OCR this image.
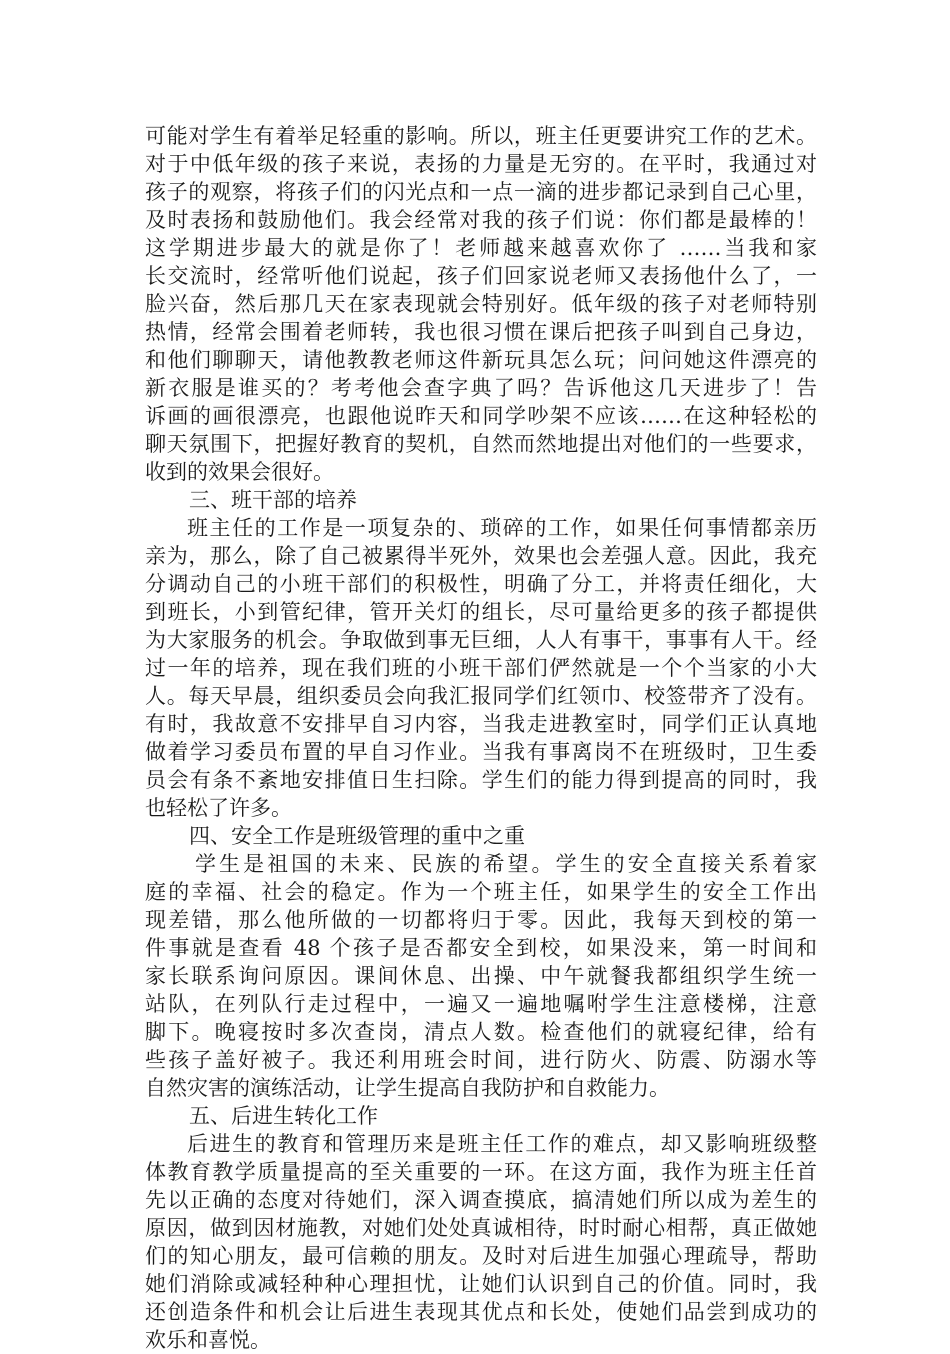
可能对学生有着举足轻重的影响。所以，班主任更要讲究工作的艺术。
对于中低年级的孩子来说，表扬的力量是无穷的。在平时，我通过对
孩子的观察，将孩子们的闪光点和一点一滴的进步都记录到自己心里，
及时表扬和鼓励他们。我会经常对我的孩子们说：你们都是最棒的！
这学期进步最大的就是你了！老师越来越喜欢你了 ……当我和家
长交流时，经常听他们说起，孩子们回家说老师又表扬他什么了，一
脸兴奋，然后那几天在家表现就会特别好。低年级的孩子对老师特别
热情，经常会围着老师转，我也很习惯在课后把孩子叫到自己身边，
和他们聊聊天，请他教教老师这件新玩具怎么玩；问问她这件漂亮的
新衣服是谁买的？考考他会查字典了吗？告诉他这几天进步了！告
诉画的画很漂亮，也跟他说昨天和同学吵架不应该……在这种轻松的
聊天氛围下，把握好教育的契机，自然而然地提出对他们的一些要求，
收到的效果会很好。
三、班干部的培养
班主任的工作是一项复杂的、琐碎的工作，如果任何事情都亲历
亲为，那么，除了自己被累得半死外，效果也会差强人意。因此，我充
分调动自己的小班干部们的积极性，明确了分工，并将责任细化，大
到班长，小到管纪律，管开关灯的组长，尽可量给更多的孩子都提供
为大家服务的机会。争取做到事无巨细，人人有事干，事事有人干。经
过一年的培养，现在我们班的小班干部们俨然就是一个个当家的小大
人。每天早晨，组织委员会向我汇报同学们红领巾、校签带齐了没有。
有时，我故意不安排早自习内容，当我走进教室时，同学们正认真地
做着学习委员布置的早自习作业。当我有事离岗不在班级时，卫生委
员会有条不紊地安排值日生扫除。学生们的能力得到提高的同时，我
也轻松了许多。
四、安全工作是班级管理的重中之重
学生是祖国的未来、民族的希望。学生的安全直接关系着家
庭的幸福、社会的稳定。作为一个班主任，如果学生的安全工作出
现差错，那么他所做的一切都将归于零。因此，我每天到校的第一
件事就是查看 48 个孩子是否都安全到校，如果没来，第一时间和
家长联系询问原因。课间休息、出操、中午就餐我都组织学生统一
站队，在列队行走过程中，一遍又一遍地嘱咐学生注意楼梯，注意
脚下。晚寝按时多次查岗，清点人数。检查他们的就寝纪律，给有
些孩子盖好被子。我还利用班会时间，进行防火、防震、防溺水等
自然灾害的演练活动，让学生提高自我防护和自救能力。
五、后进生转化工作
后进生的教育和管理历来是班主任工作的难点，却又影响班级整
体教育教学质量提高的至关重要的一环。在这方面，我作为班主任首
先以正确的态度对待她们，深入调查摸底，搞清她们所以成为差生的
原因，做到因材施教，对她们处处真诚相待，时时耐心相帮，真正做她
们的知心朋友，最可信赖的朋友。及时对后进生加强心理疏导，帮助
她们消除或减轻种种心理担忧，让她们认识到自己的价值。同时，我
还创造条件和机会让后进生表现其优点和长处，使她们品尝到成功的
欢乐和喜悦。
